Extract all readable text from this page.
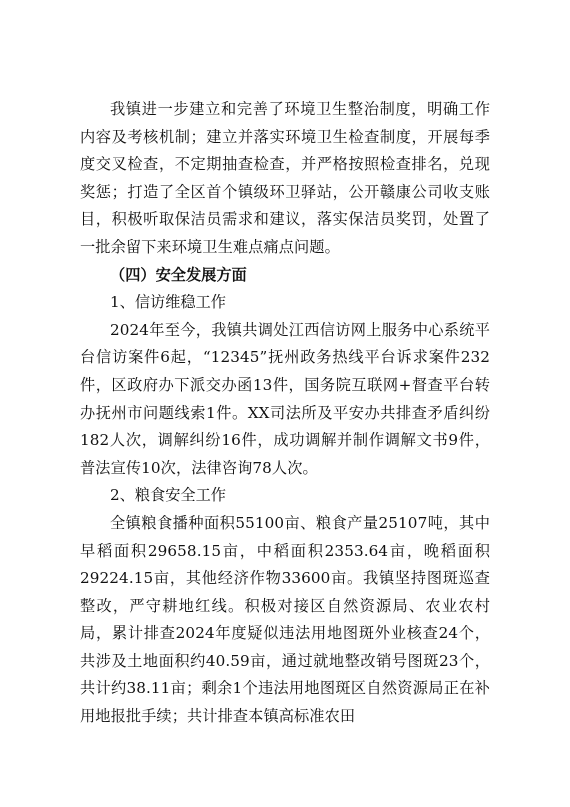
我镇进一步建立和完善了环境卫生整治制度，明确工作内容及考核机制；建立并落实环境卫生检查制度，开展每季度交叉检查，不定期抽查检查，并严格按照检查排名，兑现奖惩；打造了全区首个镇级环卫驿站，公开赣康公司收支账目，积极听取保洁员需求和建议，落实保洁员奖罚，处置了一批余留下来环境卫生难点痛点问题。

（四）安全发展方面

1、信访维稳工作

2024年至今，我镇共调处江西信访网上服务中心系统平台信访案件6起，“12345”抚州政务热线平台诉求案件232件，区政府办下派交办函13件，国务院互联网+督查平台转办抚州市问题线索1件。XX司法所及平安办共排查矛盾纠纷182人次，调解纠纷16件，成功调解并制作调解文书9件，普法宣传10次，法律咨询78人次。

2、粮食安全工作

全镇粮食播种面积55100亩、粮食产量25107吨，其中早稻面积29658.15亩，中稻面积2353.64亩，晚稻面积29224.15亩，其他经济作物33600亩。我镇坚持图斑巡查整改，严守耕地红线。积极对接区自然资源局、农业农村局，累计排查2024年度疑似违法用地图斑外业核查24个，共涉及土地面积约40.59亩，通过就地整改销号图斑23个，共计约38.11亩；剩余1个违法用地图斑区自然资源局正在补用地报批手续；共计排查本镇高标准农田
